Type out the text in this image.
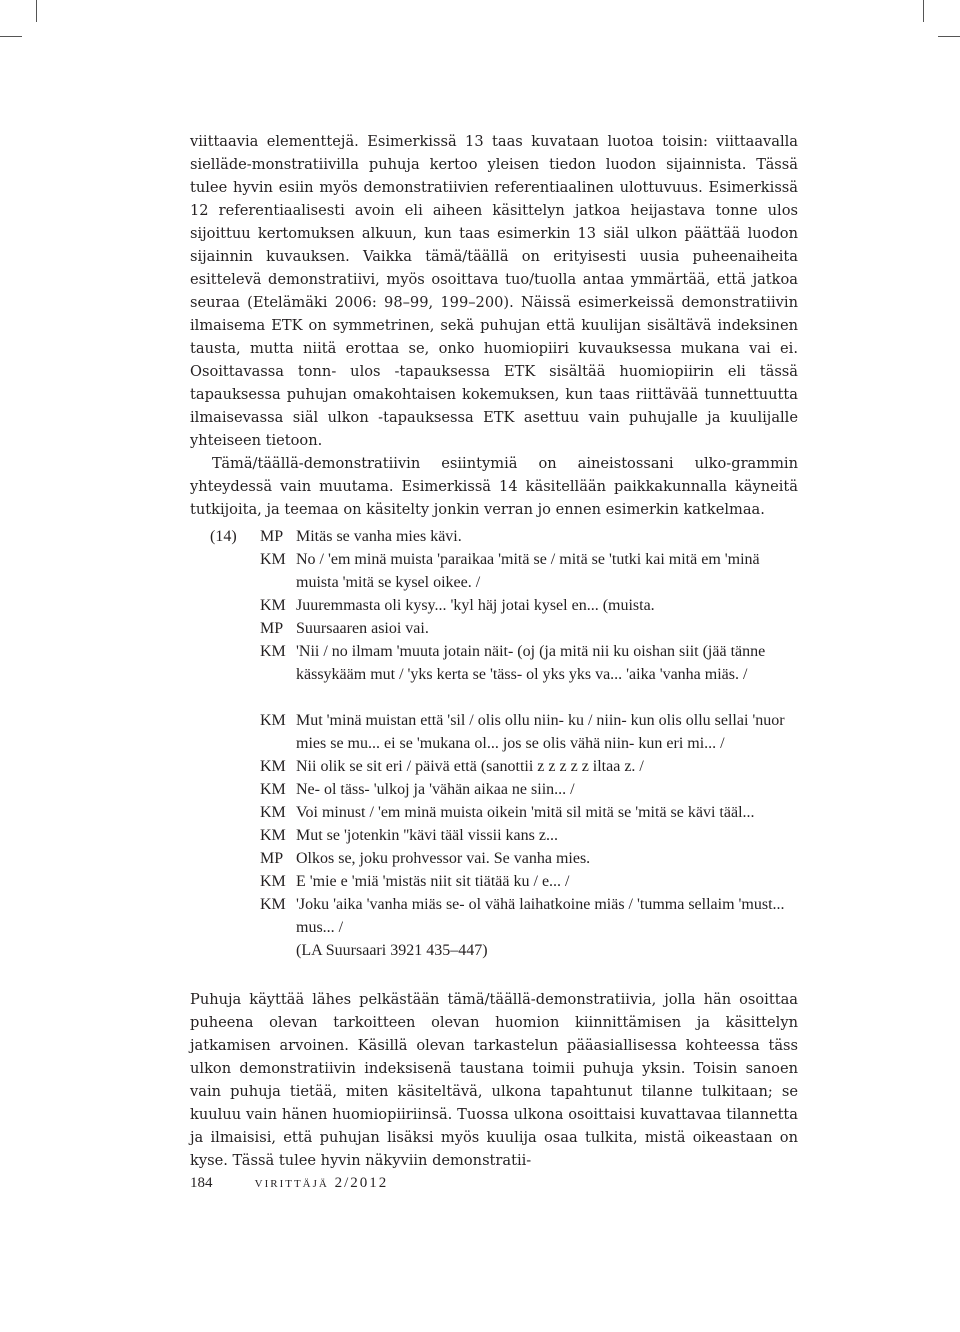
viittaavia elementtejä. Esimerkissä 13 taas kuvataan luotoa toisin: viittaavalla sielläde-monstratiivilla puhuja kertoo yleisen tiedon luodon sijainnista. Tässä tulee hyvin esiin myös demonstratiivien referentiaalinen ulottuvuus. Esimerkissä 12 referentiaalisesti avoin eli aiheen käsittelyn jatkoa heijastava tonne ulos sijoittuu kertomuksen alkuun, kun taas esimerkin 13 siäl ulkon päättää luodon sijainnin kuvauksen. Vaikka tämä/täällä on erityisesti uusia puheenaiheita esittelevä demonstratiivi, myös osoittava tuo/tuolla antaa ymmärtää, että jatkoa seuraa (Etelämäki 2006: 98–99, 199–200). Näissä esimerkeissä demonstratiivin ilmaisema ETK on symmetrinen, sekä puhujan että kuulijan sisältävä indeksinen tausta, mutta niitä erottaa se, onko huomiopiiri kuvauksessa mukana vai ei. Osoittavassa tonn- ulos -tapauksessa ETK sisältää huomiopiirin eli tässä tapauksessa puhujan omakohtaisen kokemuksen, kun taas riittävää tunnettuutta ilmaisevassa siäl ulkon -tapauksessa ETK asettuu vain puhujalle ja kuulijalle yhteiseen tietoon.

Tämä/täällä-demonstratiivin esiintymiä on aineistossani ulko-grammin yhteydessä vain muutama. Esimerkissä 14 käsitellään paikkakunnalla käyneitä tutkijoita, ja teemaa on käsitelty jonkin verran jo ennen esimerkin katkelmaa.

(14) MP Mitäs se vanha mies kävi.
KM No / 'em minä muista 'paraikaa 'mitä se / mitä se 'tutki kai mitä em 'minä muista 'mitä se kysel oikee. /
KM Juuremmasta oli kysy... 'kyl häj jotai kysel en... (muista.
MP Suursaaren asioi vai.
KM 'Nii / no ilmam 'muuta jotain näit- (oj (ja mitä nii ku oishan siit (jää tänne kässykääm mut / 'yks kerta se 'täss- ol yks yks va... 'aika 'vanha miäs. /
KM Mut 'minä muistan että 'sil / olis ollu niin- ku / niin- kun olis ollu sellai 'nuor mies se mu... ei se 'mukana ol... jos se olis vähä niin- kun eri mi... /
KM Nii olik se sit eri / päivä että (sanottii z z z z z iltaa z. /
KM Ne- ol täss- 'ulkoj ja 'vähän aikaa ne siin... /
KM Voi minust / 'em minä muista oikein 'mitä sil mitä se 'mitä se kävi tääl...
KM Mut se 'jotenkin ''kävi tääl vissii kans z...
MP Olkos se, joku prohvessor vai. Se vanha mies.
KM E 'mie e 'miä 'mistäs niit sit tiätää ku / e... /
KM 'Joku 'aika 'vanha miäs se- ol vähä laihatkoine miäs / 'tumma sellaim 'must... mus... /
(LA Suursaari 3921 435–447)

Puhuja käyttää lähes pelkästään tämä/täällä-demonstratiivia, jolla hän osoittaa puheena olevan tarkoitteen olevan huomion kiinnittämisen ja käsittelyn jatkamisen arvoinen. Käsillä olevan tarkastelun pääasiallisessa kohteessa täss ulkon demonstratiivin indeksisenä taustana toimii puhuja yksin. Toisin sanoen vain puhuja tietää, miten käsiteltävä, ulkona tapahtunut tilanne tulkitaan; se kuuluu vain hänen huomiopiiriinsä. Tuossa ulkona osoittaisi kuvattavaa tilannetta ja ilmaisisi, että puhujan lisäksi myös kuulija osaa tulkita, mistä oikeastaan on kyse. Tässä tulee hyvin näkyviin demonstratii-

184	virittäjä 2/2012
